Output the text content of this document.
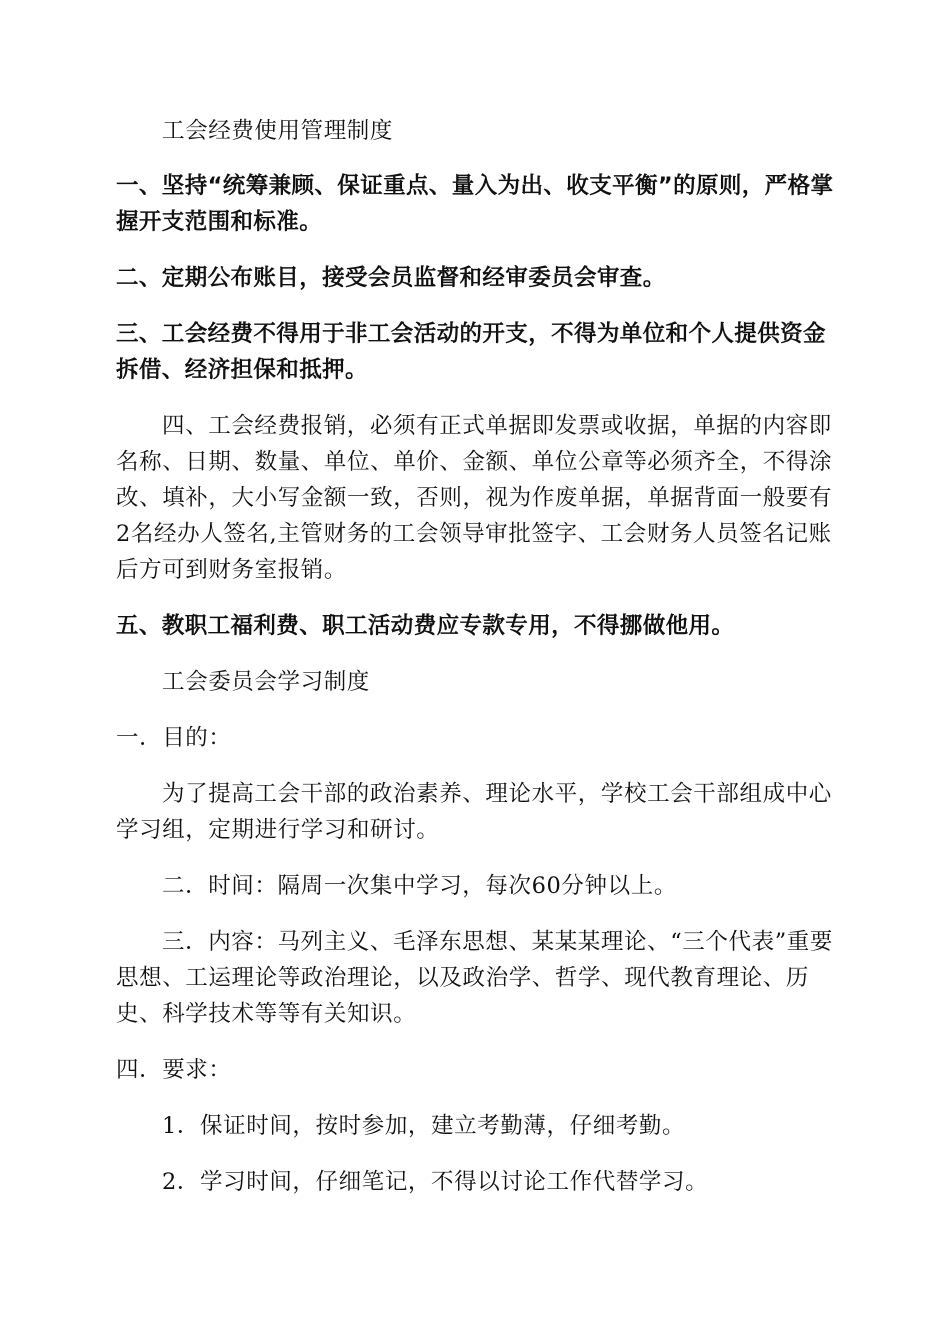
工会经费使用管理制度

一、坚持“统筹兼顾、保证重点、量入为出、收支平衡”的原则，严格掌握开支范围和标准。

二、定期公布账目，接受会员监督和经审委员会审查。

三、工会经费不得用于非工会活动的开支，不得为单位和个人提供资金拆借、经济担保和抵押。

四、工会经费报销，必须有正式单据即发票或收据，单据的内容即名称、日期、数量、单位、单价、金额、单位公章等必须齐全，不得涂改、填补，大小写金额一致，否则，视为作废单据，单据背面一般要有2名经办人签名,主管财务的工会领导审批签字、工会财务人员签名记账后方可到财务室报销。

五、教职工福利费、职工活动费应专款专用，不得挪做他用。

工会委员会学习制度

一．目的：

为了提高工会干部的政治素养、理论水平，学校工会干部组成中心学习组，定期进行学习和研讨。

二．时间：隔周一次集中学习，每次60分钟以上。

三．内容：马列主义、毛泽东思想、某某某理论、“三个代表”重要思想、工运理论等政治理论，以及政治学、哲学、现代教育理论、历史、科学技术等等有关知识。

四．要求：

1．保证时间，按时参加，建立考勤薄，仔细考勤。

2．学习时间，仔细笔记，不得以讨论工作代替学习。
